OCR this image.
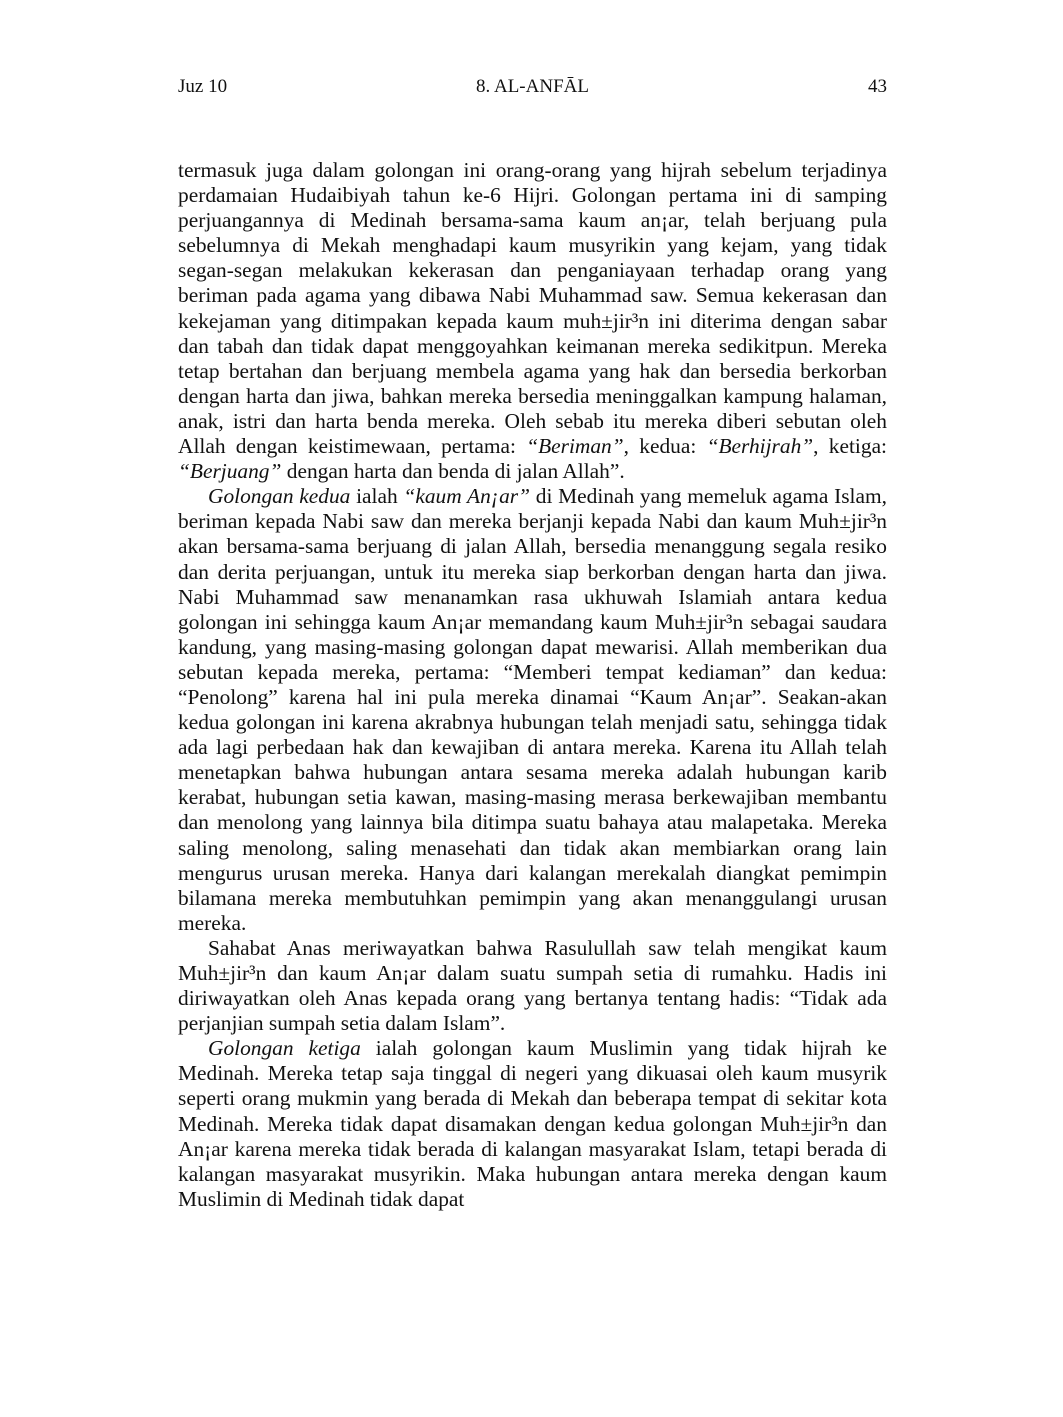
Juz 10	8. AL-ANFĀL	43

termasuk juga dalam golongan ini orang-orang yang hijrah sebelum terjadinya perdamaian Hudaibiyah tahun ke-6 Hijri. Golongan pertama ini di samping perjuangannya di Medinah bersama-sama kaum an¡ar, telah berjuang pula sebelumnya di Mekah menghadapi kaum musyrikin yang kejam, yang tidak segan-segan melakukan kekerasan dan penganiayaan terhadap orang yang beriman pada agama yang dibawa Nabi Muhammad saw. Semua kekerasan dan kekejaman yang ditimpakan kepada kaum muh±jir³n ini diterima dengan sabar dan tabah dan tidak dapat menggoyahkan keimanan mereka sedikitpun. Mereka tetap bertahan dan berjuang membela agama yang hak dan bersedia berkorban dengan harta dan jiwa, bahkan mereka bersedia meninggalkan kampung halaman, anak, istri dan harta benda mereka. Oleh sebab itu mereka diberi sebutan oleh Allah dengan keistimewaan, pertama: “Beriman”, kedua: “Berhijrah”, ketiga: “Berjuang” dengan harta dan benda di jalan Allah”.

Golongan kedua ialah “kaum An¡ar” di Medinah yang memeluk agama Islam, beriman kepada Nabi saw dan mereka berjanji kepada Nabi dan kaum Muh±jir³n akan bersama-sama berjuang di jalan Allah, bersedia menanggung segala resiko dan derita perjuangan, untuk itu mereka siap berkorban dengan harta dan jiwa. Nabi Muhammad saw menanamkan rasa ukhuwah Islamiah antara kedua golongan ini sehingga kaum An¡ar memandang kaum Muh±jir³n sebagai saudara kandung, yang masing-masing golongan dapat mewarisi. Allah memberikan dua sebutan kepada mereka, pertama: “Memberi tempat kediaman” dan kedua: “Penolong” karena hal ini pula mereka dinamai “Kaum An¡ar”. Seakan-akan kedua golongan ini karena akrabnya hubungan telah menjadi satu, sehingga tidak ada lagi perbedaan hak dan kewajiban di antara mereka. Karena itu Allah telah menetapkan bahwa hubungan antara sesama mereka adalah hubungan karib kerabat, hubungan setia kawan, masing-masing merasa berkewajiban membantu dan menolong yang lainnya bila ditimpa suatu bahaya atau malapetaka. Mereka saling menolong, saling menasehati dan tidak akan membiarkan orang lain mengurus urusan mereka. Hanya dari kalangan merekalah diangkat pemimpin bilamana mereka membutuhkan pemimpin yang akan menanggulangi urusan mereka.

Sahabat Anas meriwayatkan bahwa Rasulullah saw telah mengikat kaum Muh±jir³n dan kaum An¡ar dalam suatu sumpah setia di rumahku. Hadis ini diriwayatkan oleh Anas kepada orang yang bertanya tentang hadis: “Tidak ada perjanjian sumpah setia dalam Islam”.

Golongan ketiga ialah golongan kaum Muslimin yang tidak hijrah ke Medinah. Mereka tetap saja tinggal di negeri yang dikuasai oleh kaum musyrik seperti orang mukmin yang berada di Mekah dan beberapa tempat di sekitar kota Medinah. Mereka tidak dapat disamakan dengan kedua golongan Muh±jir³n dan An¡ar karena mereka tidak berada di kalangan masyarakat Islam, tetapi berada di kalangan masyarakat musyrikin. Maka hubungan antara mereka dengan kaum Muslimin di Medinah tidak dapat
